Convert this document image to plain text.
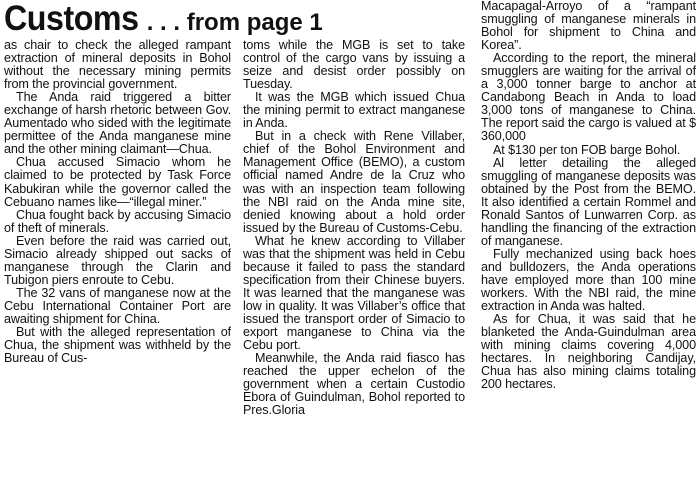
Customs . . . from page 1

as chair to check the alleged rampant extraction of mineral deposits in Bohol without the necessary mining permits from the provincial government.

The Anda raid triggered a bitter exchange of harsh rhetoric between Gov. Aumentado who sided with the legitimate permittee of the Anda manganese mine and the other mining claimant—Chua.

Chua accused Simacio whom he claimed to be protected by Task Force Kabukiran while the governor called the Cebuano names like—“illegal miner.”

Chua fought back by accusing Simacio of theft of minerals.

Even before the raid was carried out, Simacio already shipped out sacks of manganese through the Clarin and Tubigon piers enroute to Cebu.

The 32 vans of manganese now at the Cebu International Container Port are awaiting shipment for China.

But with the alleged representation of Chua, the shipment was withheld by the Bureau of Cus-

toms while the MGB is set to take control of the cargo vans by issuing a seize and desist order possibly on Tuesday.

It was the MGB which issued Chua the mining permit to extract manganese in Anda.

But in a check with Rene Villaber, chief of the Bohol Environment and Management Office (BEMO), a custom official named Andre de la Cruz who was with an inspection team following the NBI raid on the Anda mine site, denied knowing about a hold order issued by the Bureau of Customs-Cebu.

What he knew according to Villaber was that the shipment was held in Cebu because it failed to pass the standard specification from their Chinese buyers. It was learned that the manganese was low in quality. It was Villaber’s office that issued the transport order of Simacio to export manganese to China via the Cebu port.

Meanwhile, the Anda raid fiasco has reached the upper echelon of the government when a certain Custodio Ebora of Guindulman, Bohol reported to Pres.Gloria

Macapagal-Arroyo of a “rampant smuggling of manganese minerals in Bohol for shipment to China and Korea”.

According to the report, the mineral smugglers are waiting for the arrival of a 3,000 tonner barge to anchor at Candabong Beach in Anda to load 3,000 tons of manganese to China. The report said the cargo is valued at $ 360,000

At $130 per ton FOB barge Bohol.

Al letter detailing the alleged smuggling of manganese deposits was obtained by the Post from the BEMO. It also identified a certain Rommel and Ronald Santos of Lunwarren Corp. as handling the financing of the extraction of manganese.

Fully mechanized using back hoes and bulldozers, the Anda operations have employed more than 100 mine workers. With the NBI raid, the mine extraction in Anda was halted.

As for Chua, it was said that he blanketed the Anda-Guindulman area with mining claims covering 4,000 hectares. In neighboring Candijay, Chua has also mining claims totaling 200 hectares.
